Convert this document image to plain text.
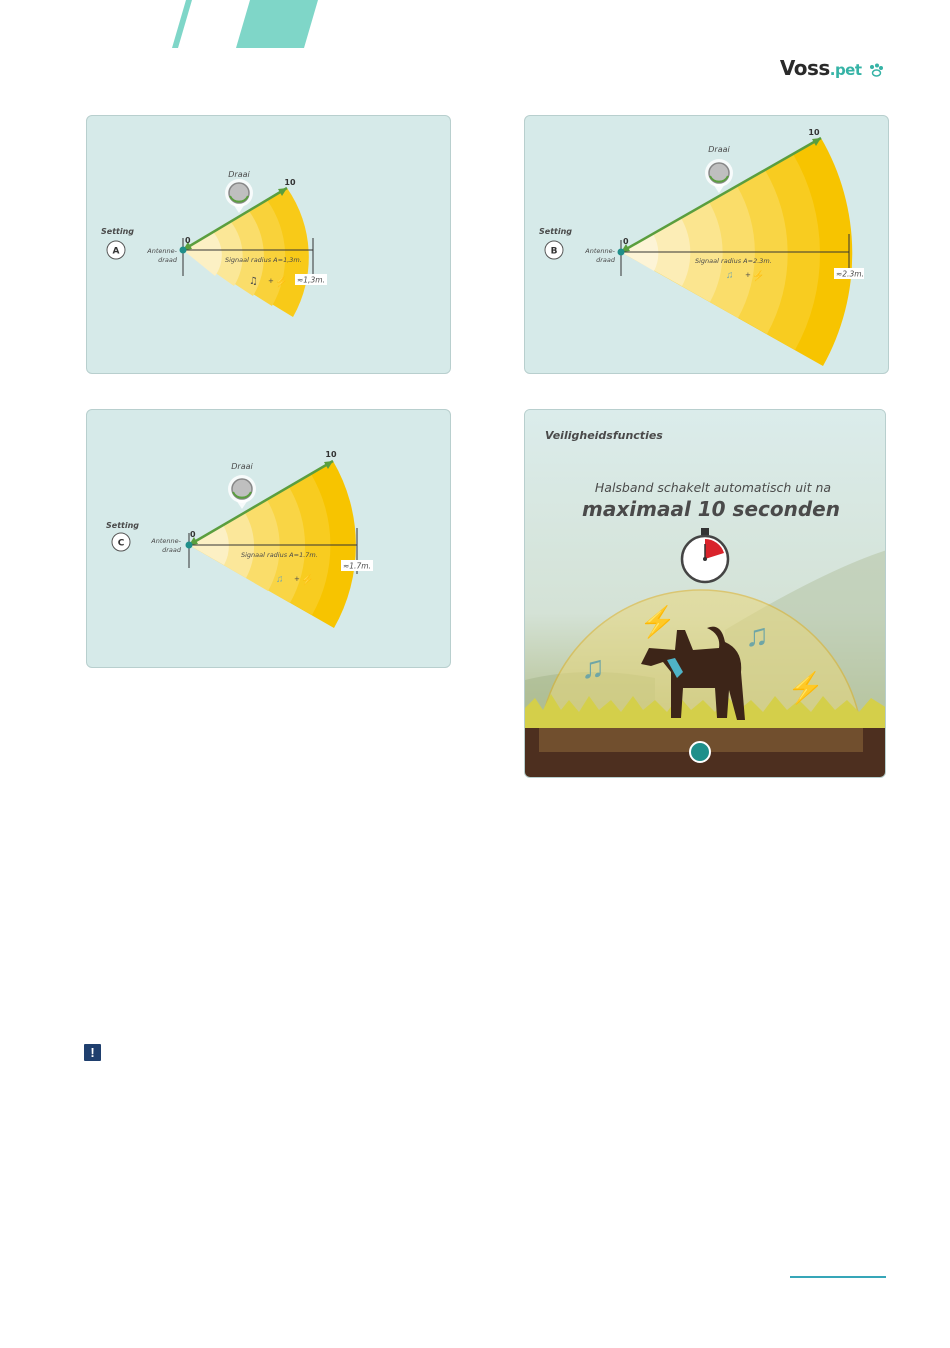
Voss.pet
Draai
10
0
Setting
A	Antenne-
draad	Signaal radius A=1,3m.
♫ + ⚡ ≈1,3m.
Draai
10
0
Setting
B	Antenne-
draad	Signaal radius A=2.3m.
♫ + ⚡	≈2.3m.
Draai
10
0
Setting
C	Antenne-
draad
Signaal radius A=1.7m.
♫ + ⚡
≈1.7m.
⚡
⚡
♫
♫
Veiligheidsfuncties
Halsband schakelt automatisch uit na
maximaal 10 seconden
!
